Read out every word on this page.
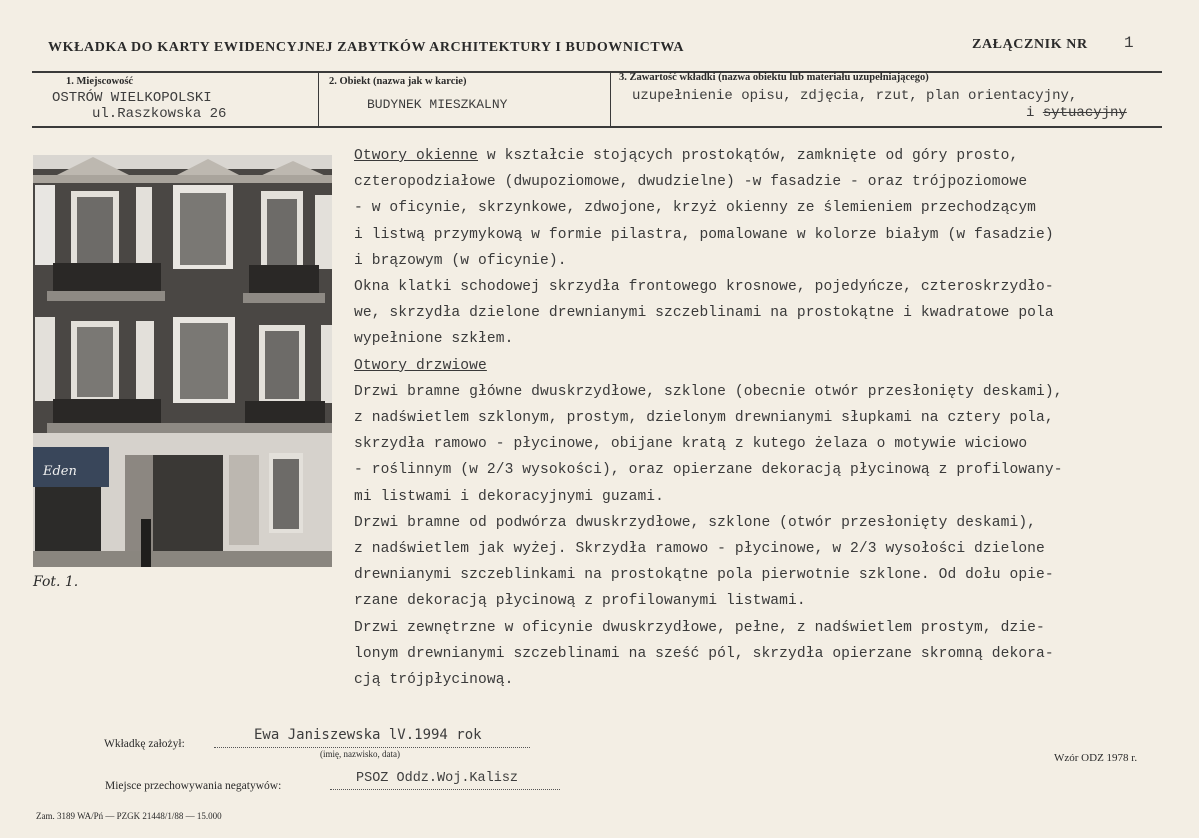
WKŁADKA DO KARTY EWIDENCYJNEJ ZABYTKÓW ARCHITEKTURY I BUDOWNICTWA	ZAŁĄCZNIK NR 1
1. Miejscowość
OSTRÓW WIELKOPOLSKI
ul.Raszkowska 26
2. Obiekt (nazwa jak w karcie)
BUDYNEK MIESZKALNY
3. Zawartość wkładki (nazwa obiektu lub materiału uzupełniającego)
uzupełnienie opisu, zdjęcia, rzut, plan orientacyjny,
i sytuacyjny
Eden
Fot. 1.
Otwory okienne w kształcie stojących prostokątów, zamknięte od góry prosto,
czteropodziałowe (dwupoziomowe, dwudzielne) -w fasadzie - oraz trójpoziomowe
- w oficynie, skrzynkowe, zdwojone, krzyż okienny ze ślemieniem przechodzącym
i listwą przymykową w formie pilastra, pomalowane w kolorze białym (w fasadzie)
i brązowym (w oficynie).
Okna klatki schodowej skrzydła frontowego krosnowe, pojedyńcze, czteroskrzydło-
we, skrzydła dzielone drewnianymi szczeblinami na prostokątne i kwadratowe pola
wypełnione szkłem.
Otwory drzwiowe
Drzwi bramne główne dwuskrzydłowe, szklone (obecnie otwór przesłonięty deskami),
z nadświetlem szklonym, prostym, dzielonym drewnianymi słupkami na cztery pola,
skrzydła ramowo - płycinowe, obijane kratą z kutego żelaza o motywie wiciowo
- roślinnym (w 2/3 wysokości), oraz opierzane dekoracją płycinową z profilowany-
mi listwami i dekoracyjnymi guzami.
Drzwi bramne od podwórza dwuskrzydłowe, szklone (otwór przesłonięty deskami),
z nadświetlem jak wyżej. Skrzydła ramowo - płycinowe, w 2/3 wysołości dzielone
drewnianymi szczeblinkami na prostokątne pola pierwotnie szklone. Od dołu opie-
rzane dekoracją płycinową z profilowanymi listwami.
Drzwi zewnętrzne w oficynie dwuskrzydłowe, pełne, z nadświetlem prostym, dzie-
lonym drewnianymi szczeblinami na sześć pól, skrzydła opierzane skromną dekora-
cją trójpłycinową.
Wkładkę założył:
Ewa Janiszewska lV.1994 rok
(imię, nazwisko, data)
Miejsce przechowywania negatywów:	PSOZ Oddz.Woj.Kalisz
Wzór ODZ 1978 r.
Zam. 3189 WA/Pń — PZGK 21448/1/88 — 15.000
